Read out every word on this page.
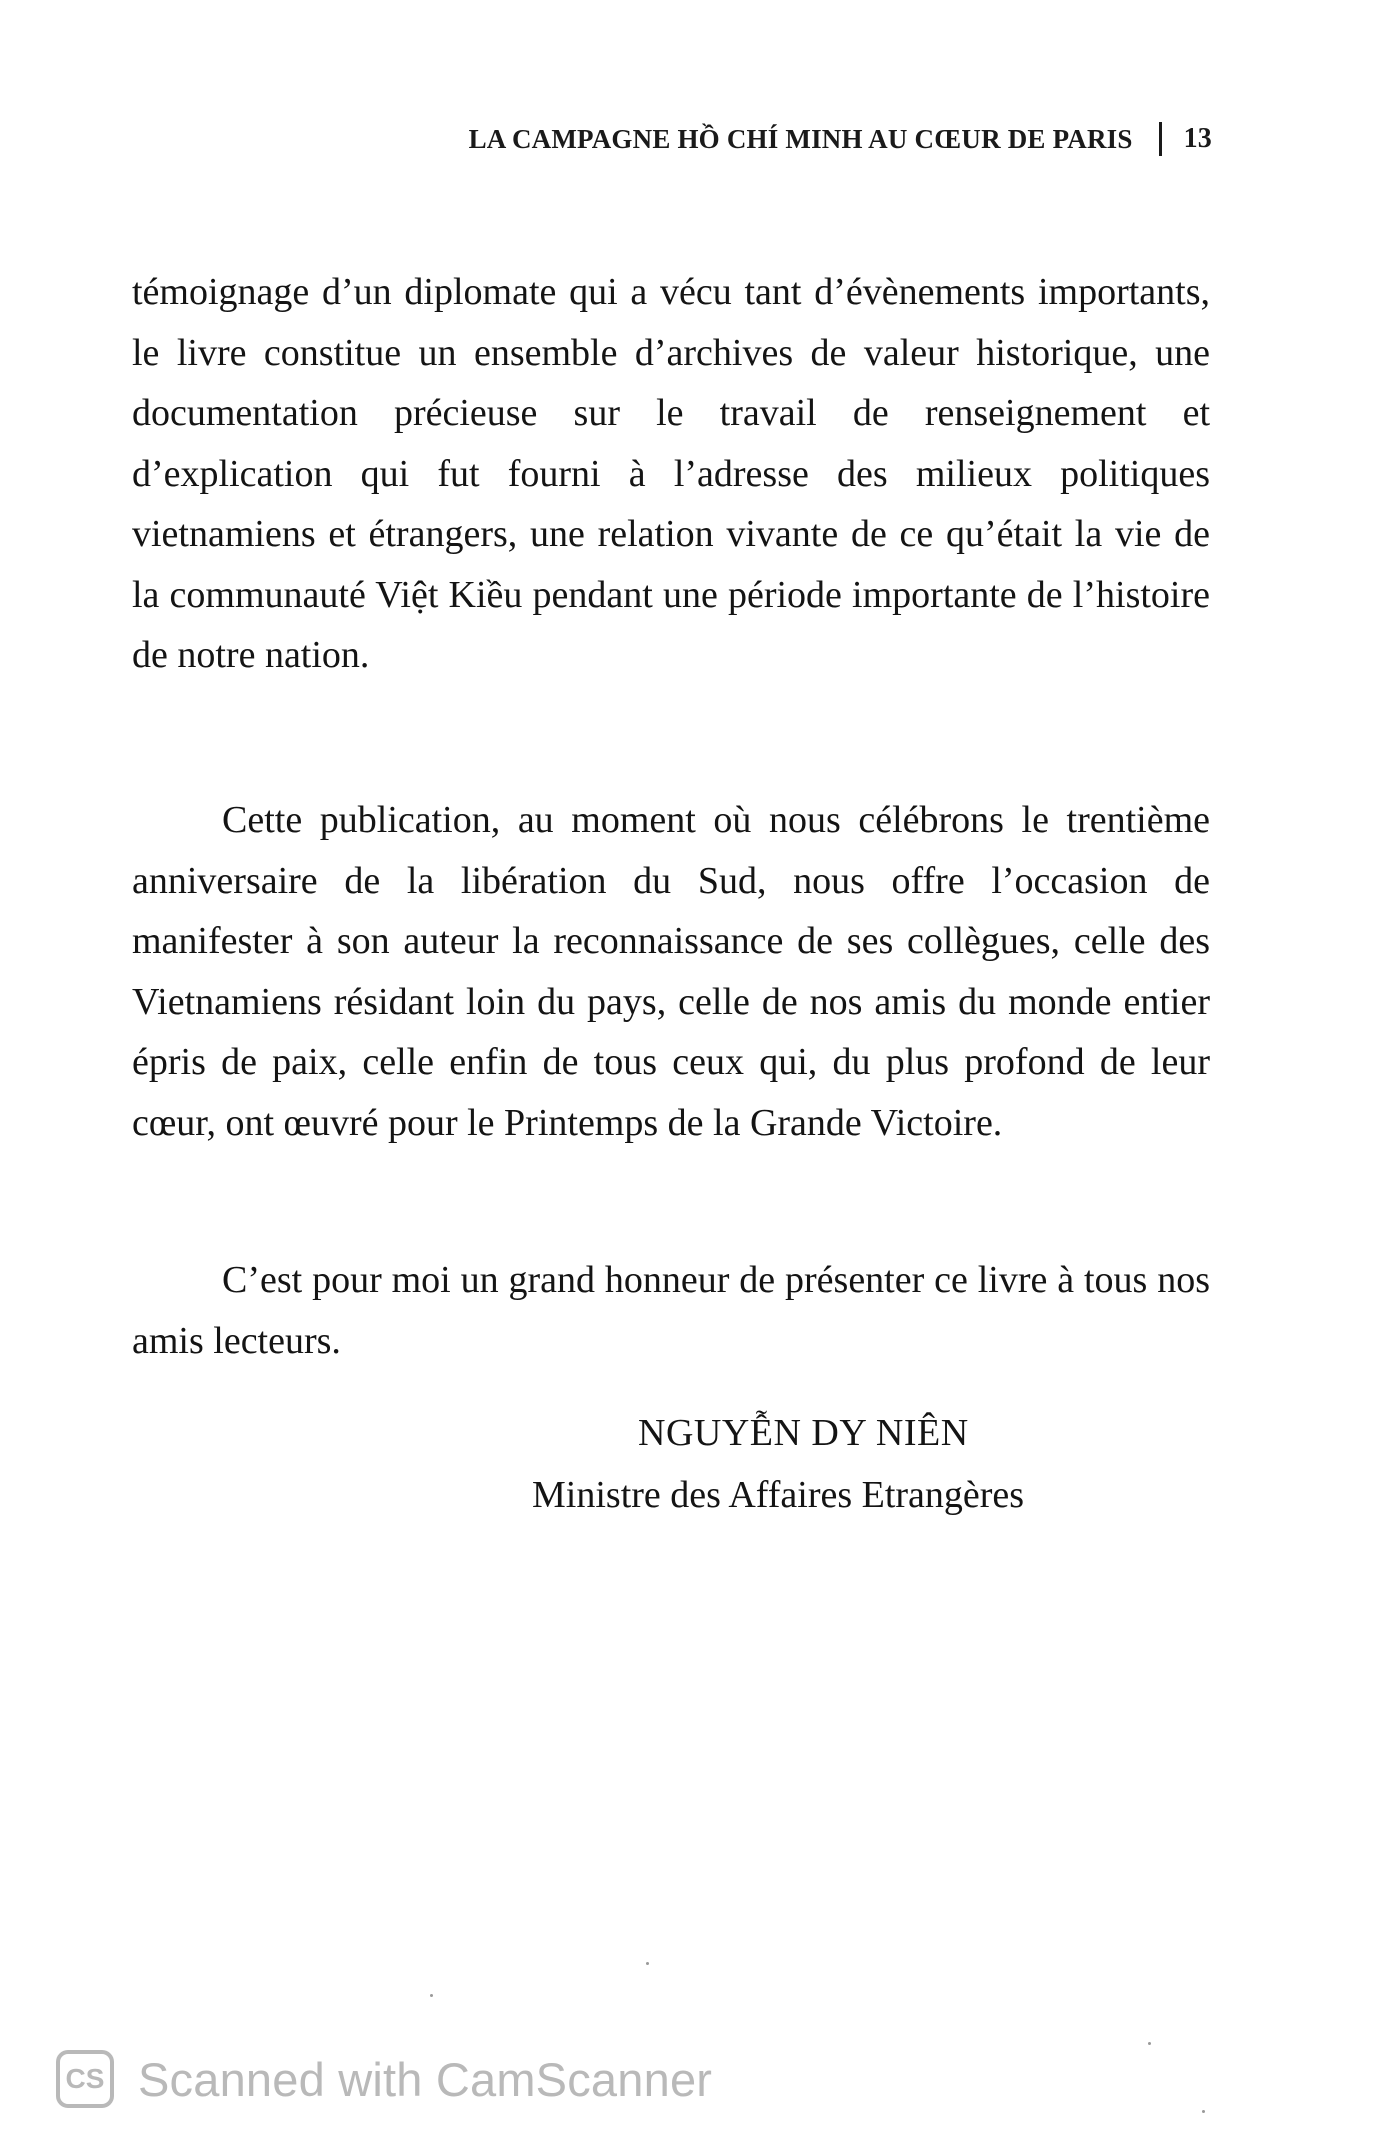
LA CAMPAGNE HỒ CHÍ MINH AU CŒUR DE PARIS 13

témoignage d’un diplomate qui a vécu tant d’évènements importants, le livre constitue un ensemble d’archives de valeur historique, une documentation précieuse sur le travail de renseignement et d’explication qui fut fourni à l’adresse des milieux politiques vietnamiens et étrangers, une relation vivante de ce qu’était la vie de la communauté Việt Kiều pendant une période importante de l’histoire de notre nation.

Cette publication, au moment où nous célébrons le trentième anniversaire de la libération du Sud, nous offre l’occasion de manifester à son auteur la reconnaissance de ses collègues, celle des Vietnamiens résidant loin du pays, celle de nos amis du monde entier épris de paix, celle enfin de tous ceux qui, du plus profond de leur cœur, ont œuvré pour le Printemps de la Grande Victoire.

C’est pour moi un grand honneur de présenter ce livre à tous nos amis lecteurs.

NGUYỄN DY NIÊN
Ministre des Affaires Etrangères
CS Scanned with CamScanner
